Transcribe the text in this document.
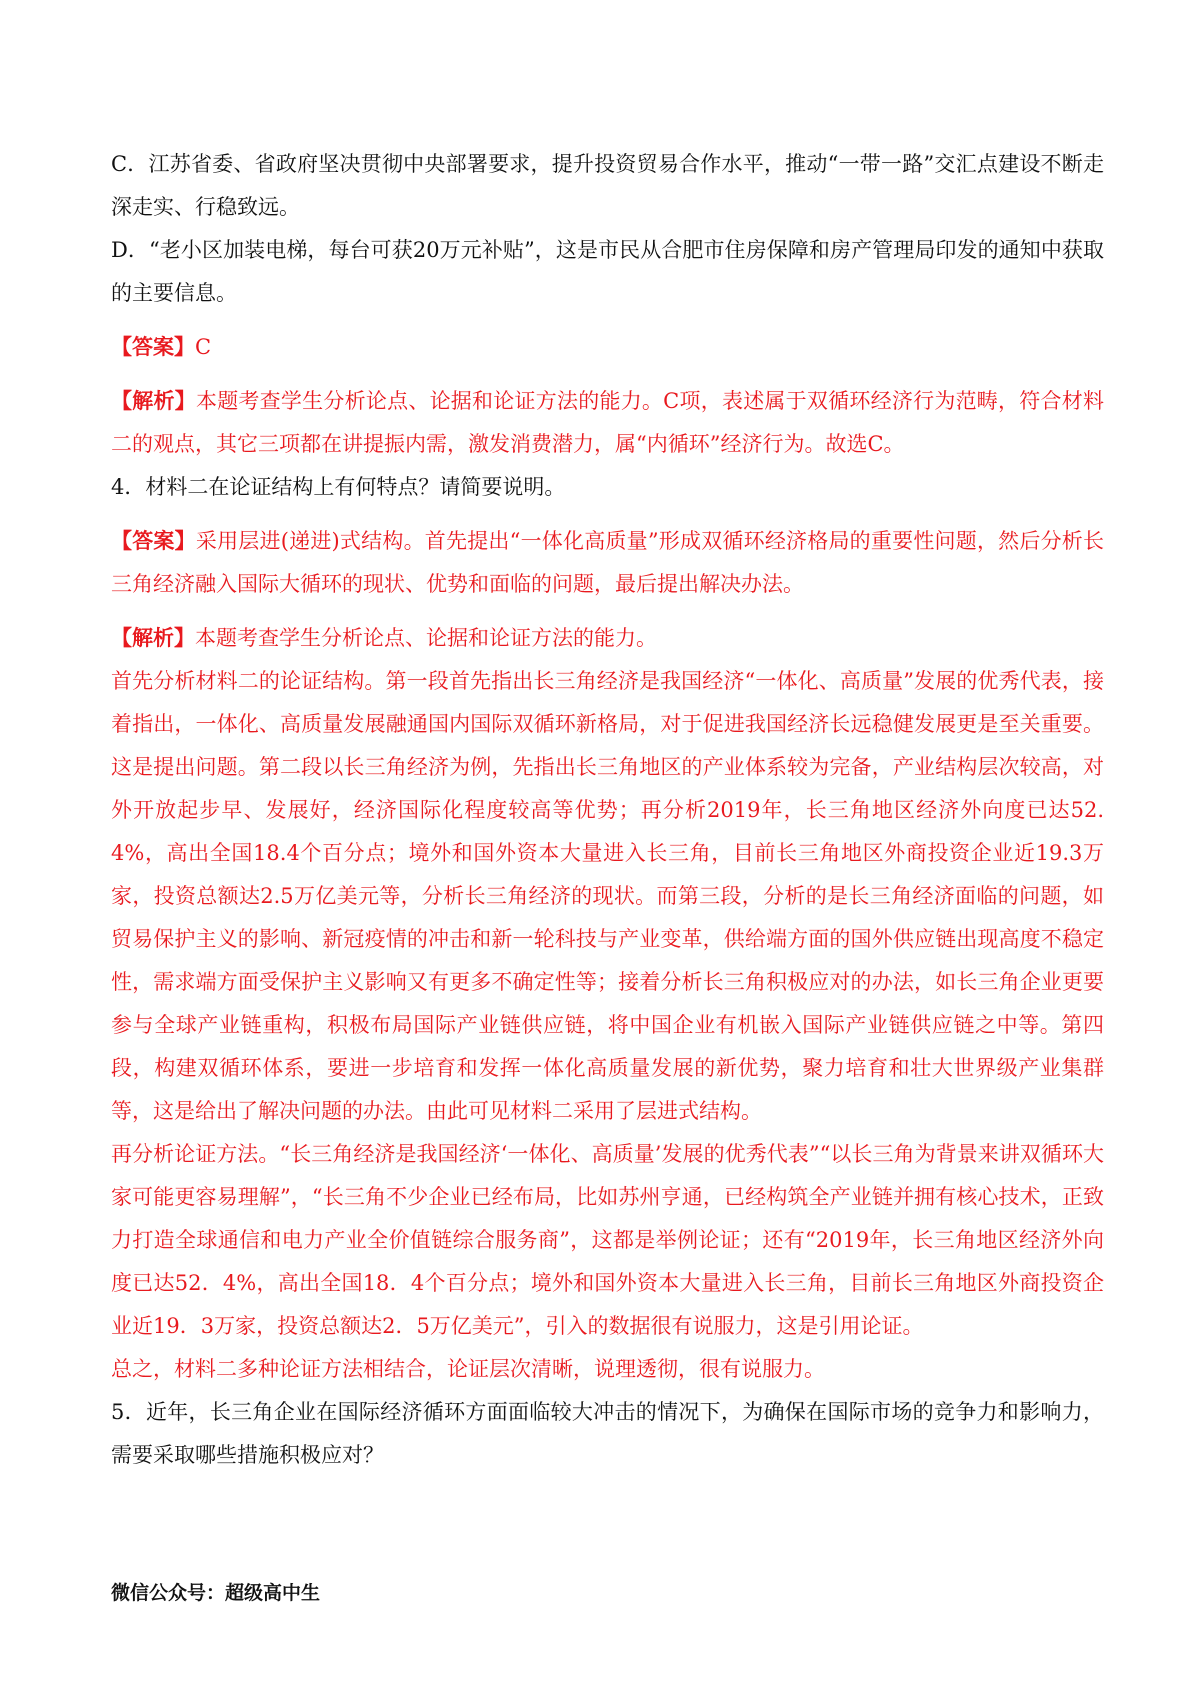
C．江苏省委、省政府坚决贯彻中央部署要求，提升投资贸易合作水平，推动“一带一路”交汇点建设不断走深走实、行稳致远。

D．“老小区加装电梯，每台可获20万元补贴”，这是市民从合肥市住房保障和房产管理局印发的通知中获取的主要信息。

【答案】C

【解析】本题考查学生分析论点、论据和论证方法的能力。C项，表述属于双循环经济行为范畴，符合材料二的观点，其它三项都在讲提振内需，激发消费潜力，属“内循环”经济行为。故选C。

4．材料二在论证结构上有何特点？请简要说明。

【答案】采用层进(递进)式结构。首先提出“一体化高质量”形成双循环经济格局的重要性问题，然后分析长三角经济融入国际大循环的现状、优势和面临的问题，最后提出解决办法。

【解析】本题考查学生分析论点、论据和论证方法的能力。

首先分析材料二的论证结构。第一段首先指出长三角经济是我国经济“一体化、高质量”发展的优秀代表，接着指出，一体化、高质量发展融通国内国际双循环新格局，对于促进我国经济长远稳健发展更是至关重要。这是提出问题。第二段以长三角经济为例，先指出长三角地区的产业体系较为完备，产业结构层次较高，对外开放起步早、发展好，经济国际化程度较高等优势；再分析2019年，长三角地区经济外向度已达52.4%，高出全国18.4个百分点；境外和国外资本大量进入长三角，目前长三角地区外商投资企业近19.3万家，投资总额达2.5万亿美元等，分析长三角经济的现状。而第三段，分析的是长三角经济面临的问题，如贸易保护主义的影响、新冠疫情的冲击和新一轮科技与产业变革，供给端方面的国外供应链出现高度不稳定性，需求端方面受保护主义影响又有更多不确定性等；接着分析长三角积极应对的办法，如长三角企业更要参与全球产业链重构，积极布局国际产业链供应链，将中国企业有机嵌入国际产业链供应链之中等。第四段，构建双循环体系，要进一步培育和发挥一体化高质量发展的新优势，聚力培育和壮大世界级产业集群等，这是给出了解决问题的办法。由此可见材料二采用了层进式结构。

再分析论证方法。“长三角经济是我国经济‘一体化、高质量’发展的优秀代表”“以长三角为背景来讲双循环大家可能更容易理解”，“长三角不少企业已经布局，比如苏州亨通，已经构筑全产业链并拥有核心技术，正致力打造全球通信和电力产业全价值链综合服务商”，这都是举例论证；还有“2019年，长三角地区经济外向度已达52．4%，高出全国18．4个百分点；境外和国外资本大量进入长三角，目前长三角地区外商投资企业近19．3万家，投资总额达2．5万亿美元”，引入的数据很有说服力，这是引用论证。

总之，材料二多种论证方法相结合，论证层次清晰，说理透彻，很有说服力。

5．近年，长三角企业在国际经济循环方面面临较大冲击的情况下，为确保在国际市场的竞争力和影响力，需要采取哪些措施积极应对？

微信公众号：超级高中生
